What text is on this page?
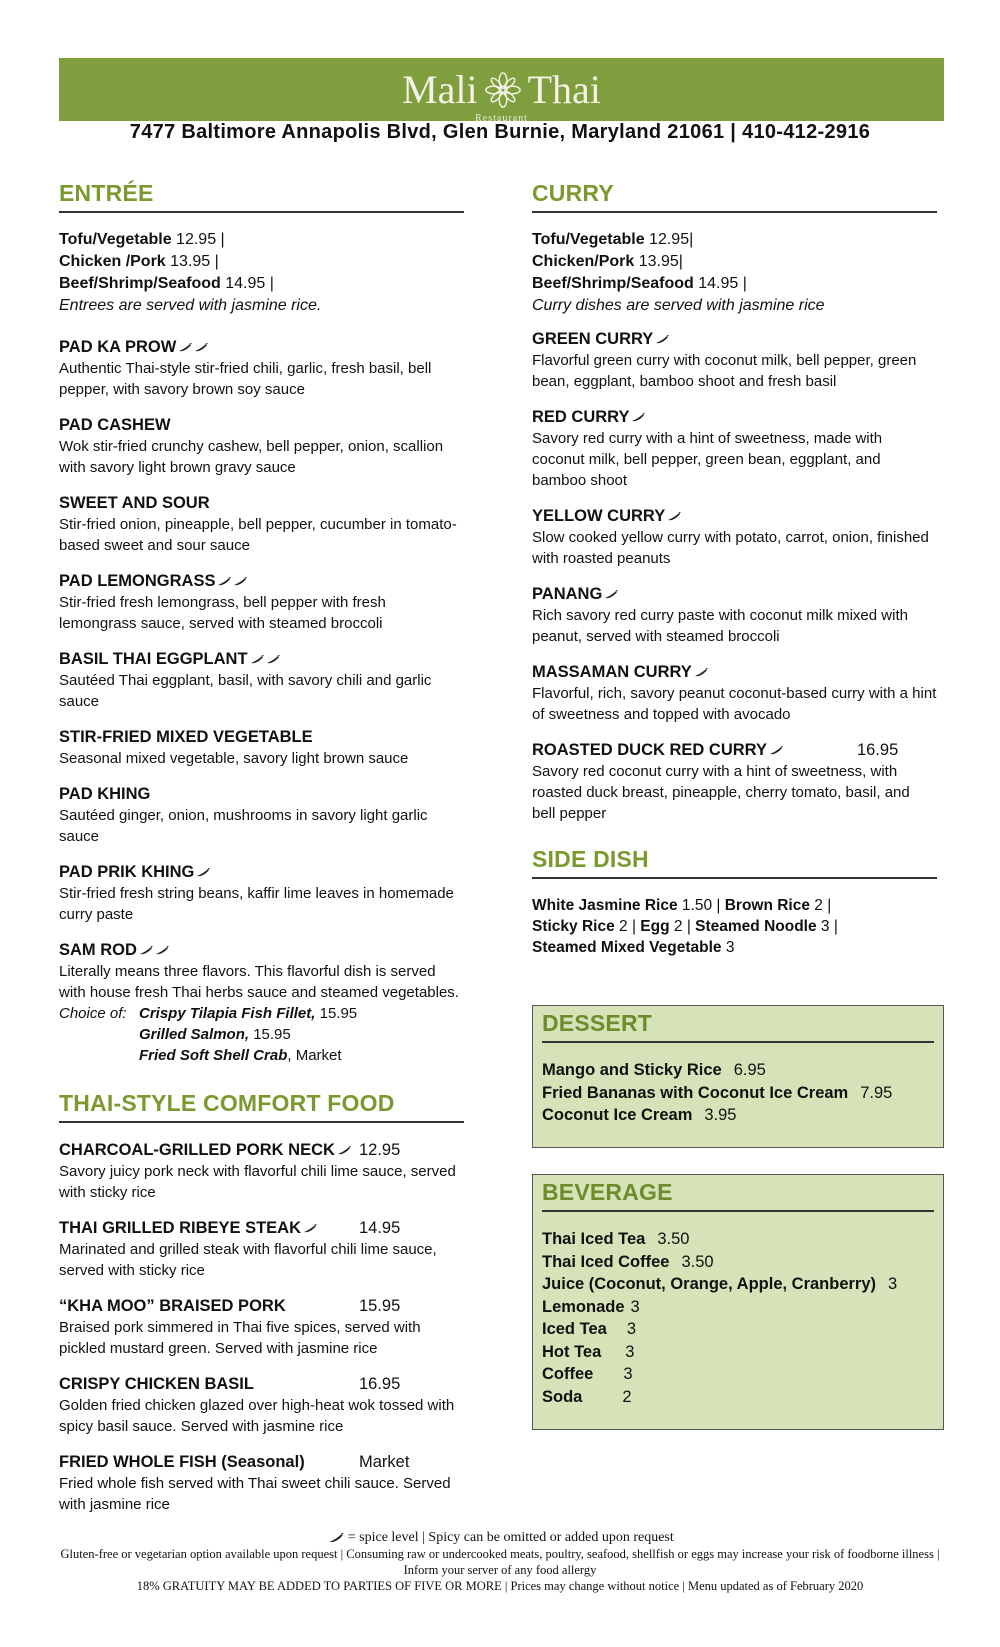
Mali Thai
Restaurant
7477 Baltimore Annapolis Blvd, Glen Burnie, Maryland 21061 | 410-412-2916
ENTRÉE
Tofu/Vegetable 12.95 |
Chicken /Pork 13.95 |
Beef/Shrimp/Seafood 14.95 |
Entrees are served with jasmine rice.
PAD KA PROW
Authentic Thai-style stir-fried chili, garlic, fresh basil, bell pepper, with savory brown soy sauce
PAD CASHEW
Wok stir-fried crunchy cashew, bell pepper, onion, scallion with savory light brown gravy sauce
SWEET AND SOUR
Stir-fried onion, pineapple, bell pepper, cucumber in tomato-based sweet and sour sauce
PAD LEMONGRASS
Stir-fried fresh lemongrass, bell pepper with fresh lemongrass sauce, served with steamed broccoli
BASIL THAI EGGPLANT
Sautéed Thai eggplant, basil, with savory chili and garlic sauce
STIR-FRIED MIXED VEGETABLE
Seasonal mixed vegetable, savory light brown sauce
PAD KHING
Sautéed ginger, onion, mushrooms in savory light garlic sauce
PAD PRIK KHING
Stir-fried fresh string beans, kaffir lime leaves in homemade curry paste
SAM ROD
Literally means three flavors. This flavorful dish is served with house fresh Thai herbs sauce and steamed vegetables.
Choice of: Crispy Tilapia Fish Fillet, 15.95
Grilled Salmon, 15.95
Fried Soft Shell Crab, Market
THAI-STYLE COMFORT FOOD
CHARCOAL-GRILLED PORK NECK 12.95
Savory juicy pork neck with flavorful chili lime sauce, served with sticky rice
THAI GRILLED RIBEYE STEAK	14.95
Marinated and grilled steak with flavorful chili lime sauce, served with sticky rice
“KHA MOO” BRAISED PORK	15.95
Braised pork simmered in Thai five spices, served with pickled mustard green. Served with jasmine rice
CRISPY CHICKEN BASIL	16.95
Golden fried chicken glazed over high-heat wok tossed with spicy basil sauce. Served with jasmine rice
FRIED WHOLE FISH (Seasonal)	Market
Fried whole fish served with Thai sweet chili sauce. Served with jasmine rice
CURRY
Tofu/Vegetable 12.95|
Chicken/Pork 13.95|
Beef/Shrimp/Seafood 14.95 |
Curry dishes are served with jasmine rice
GREEN CURRY
Flavorful green curry with coconut milk, bell pepper, green bean, eggplant, bamboo shoot and fresh basil
RED CURRY
Savory red curry with a hint of sweetness, made with coconut milk, bell pepper, green bean, eggplant, and bamboo shoot
YELLOW CURRY
Slow cooked yellow curry with potato, carrot, onion, finished with roasted peanuts
PANANG
Rich savory red curry paste with coconut milk mixed with peanut, served with steamed broccoli
MASSAMAN CURRY
Flavorful, rich, savory peanut coconut-based curry with a hint of sweetness and topped with avocado
ROASTED DUCK RED CURRY	16.95
Savory red coconut curry with a hint of sweetness, with roasted duck breast, pineapple, cherry tomato, basil, and bell pepper
SIDE DISH
White Jasmine Rice 1.50 | Brown Rice 2 |
Sticky Rice 2 | Egg 2 | Steamed Noodle 3 |
Steamed Mixed Vegetable 3
DESSERT
Mango and Sticky Rice 6.95
Fried Bananas with Coconut Ice Cream 7.95
Coconut Ice Cream 3.95
BEVERAGE
Thai Iced Tea 3.50
Thai Iced Coffee 3.50
Juice (Coconut, Orange, Apple, Cranberry) 3
Lemonade 3
Iced Tea 3
Hot Tea 3
Coffee 3
Soda 2
= spice level | Spicy can be omitted or added upon request
Gluten-free or vegetarian option available upon request | Consuming raw or undercooked meats, poultry, seafood, shellfish or eggs may increase your risk of foodborne illness | Inform your server of any food allergy
18% GRATUITY MAY BE ADDED TO PARTIES OF FIVE OR MORE | Prices may change without notice | Menu updated as of February 2020
